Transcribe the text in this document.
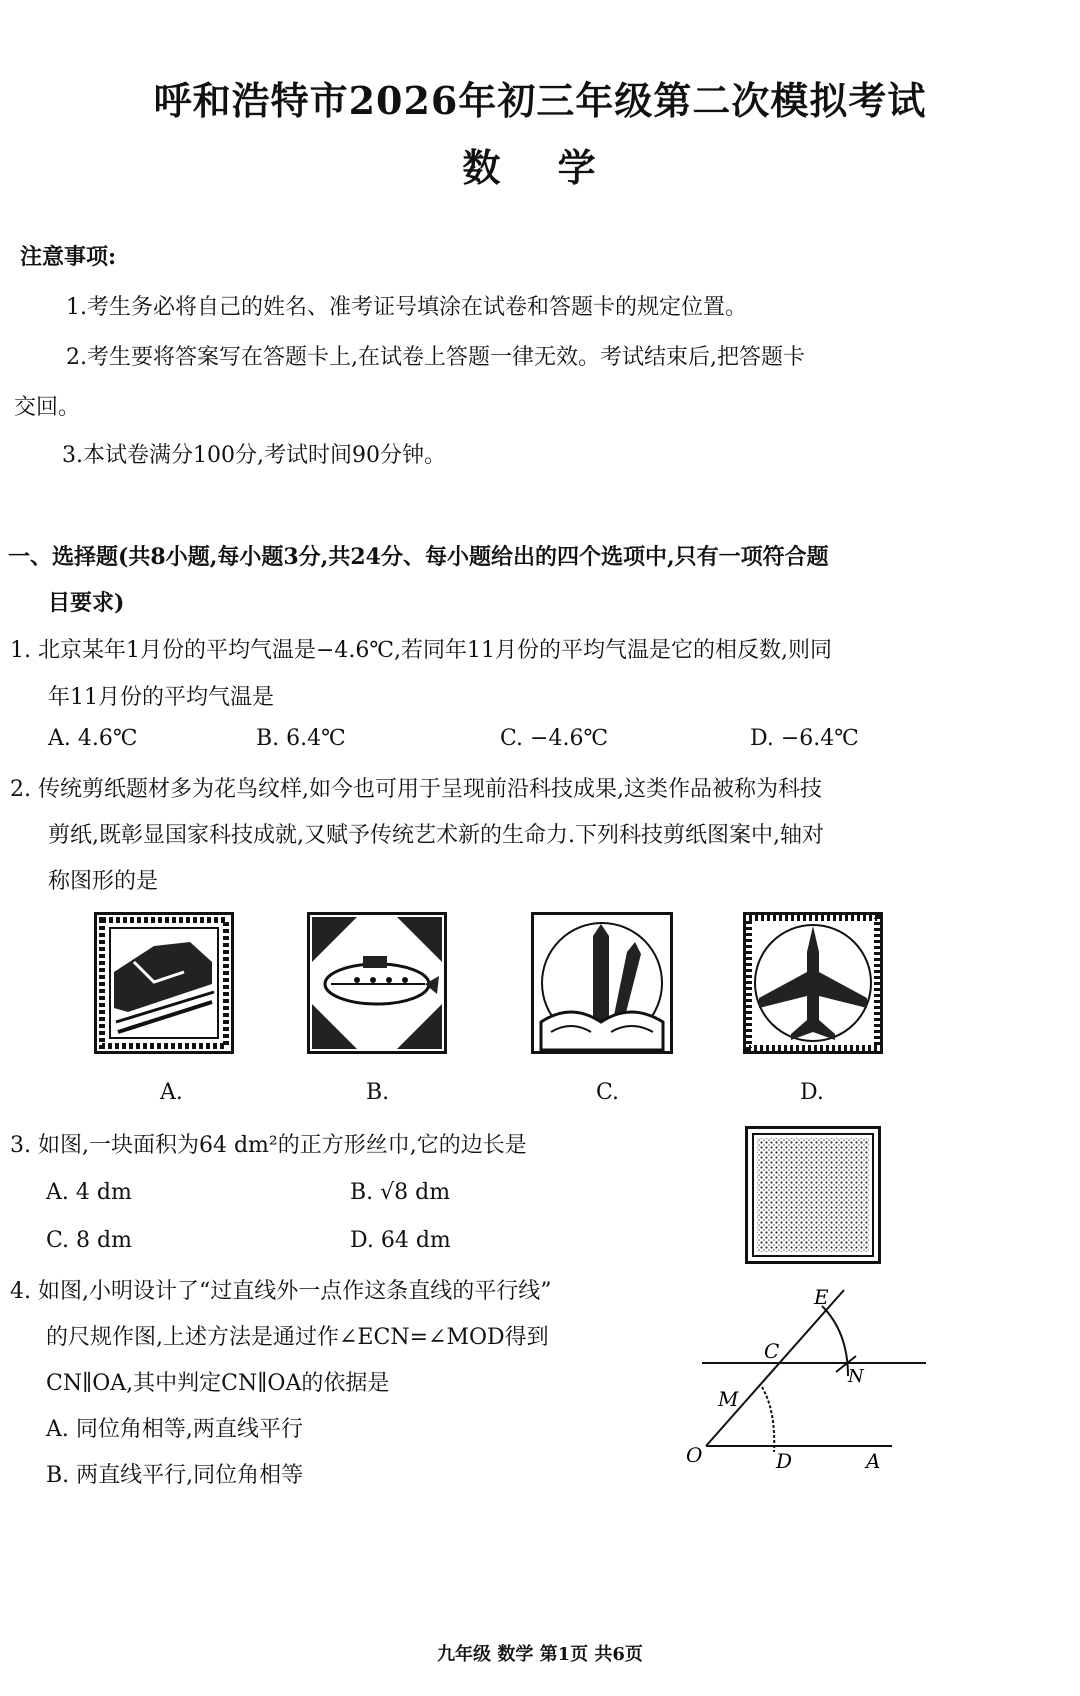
呼和浩特市2026年初三年级第二次模拟考试
数 学
注意事项:
1.考生务必将自己的姓名、准考证号填涂在试卷和答题卡的规定位置。
2.考生要将答案写在答题卡上,在试卷上答题一律无效。考试结束后,把答题卡
交回。
3.本试卷满分100分,考试时间90分钟。
一、选择题(共8小题,每小题3分,共24分、每小题给出的四个选项中,只有一项符合题
目要求)
1. 北京某年1月份的平均气温是−4.6℃,若同年11月份的平均气温是它的相反数,则同
年11月份的平均气温是
A. 4.6℃	B. 6.4℃	C. −4.6℃	D. −6.4℃
2. 传统剪纸题材多为花鸟纹样,如今也可用于呈现前沿科技成果,这类作品被称为科技
剪纸,既彰显国家科技成就,又赋予传统艺术新的生命力.下列科技剪纸图案中,轴对
称图形的是
A.	B.	C.	D.
3. 如图,一块面积为64 dm²的正方形丝巾,它的边长是
A. 4 dm	B. √8 dm
C. 8 dm	D. 64 dm
4. 如图,小明设计了“过直线外一点作这条直线的平行线”
的尺规作图,上述方法是通过作∠ECN=∠MOD得到
CN∥OA,其中判定CN∥OA的依据是
A. 同位角相等,两直线平行
B. 两直线平行,同位角相等
E
C
N
M
O	D	A
九年级 数学 第1页 共6页
